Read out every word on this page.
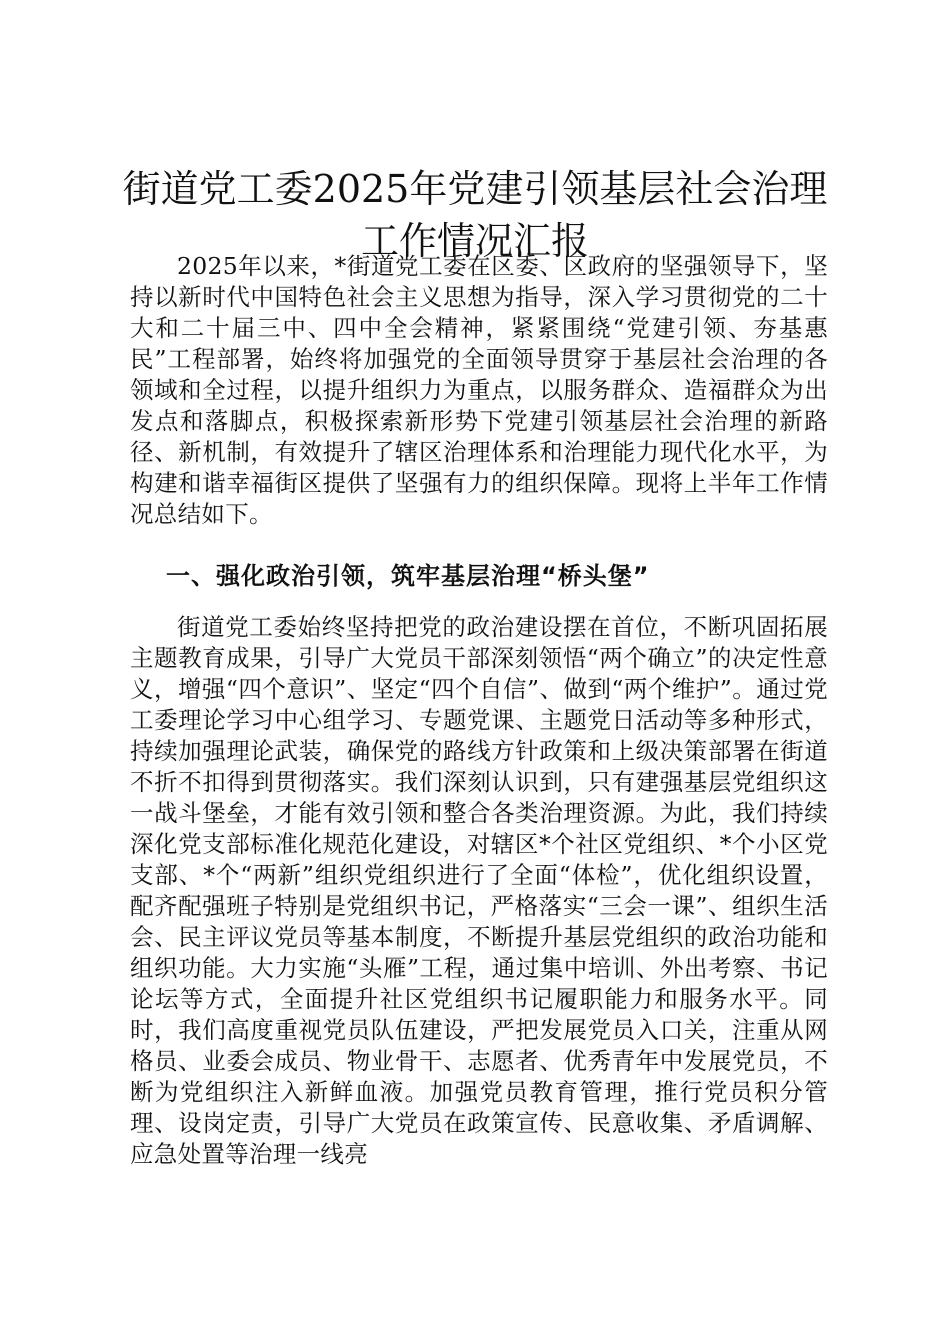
街道党工委2025年党建引领基层社会治理工作情况汇报

2025年以来，*街道党工委在区委、区政府的坚强领导下，坚持以新时代中国特色社会主义思想为指导，深入学习贯彻党的二十大和二十届三中、四中全会精神，紧紧围绕“党建引领、夯基惠民”工程部署，始终将加强党的全面领导贯穿于基层社会治理的各领域和全过程，以提升组织力为重点，以服务群众、造福群众为出发点和落脚点，积极探索新形势下党建引领基层社会治理的新路径、新机制，有效提升了辖区治理体系和治理能力现代化水平，为构建和谐幸福街区提供了坚强有力的组织保障。现将上半年工作情况总结如下。

一、强化政治引领，筑牢基层治理“桥头堡”

街道党工委始终坚持把党的政治建设摆在首位，不断巩固拓展主题教育成果，引导广大党员干部深刻领悟“两个确立”的决定性意义，增强“四个意识”、坚定“四个自信”、做到“两个维护”。通过党工委理论学习中心组学习、专题党课、主题党日活动等多种形式，持续加强理论武装，确保党的路线方针政策和上级决策部署在街道不折不扣得到贯彻落实。我们深刻认识到，只有建强基层党组织这一战斗堡垒，才能有效引领和整合各类治理资源。为此，我们持续深化党支部标准化规范化建设，对辖区*个社区党组织、*个小区党支部、*个“两新”组织党组织进行了全面“体检”，优化组织设置，配齐配强班子特别是党组织书记，严格落实“三会一课”、组织生活会、民主评议党员等基本制度，不断提升基层党组织的政治功能和组织功能。大力实施“头雁”工程，通过集中培训、外出考察、书记论坛等方式，全面提升社区党组织书记履职能力和服务水平。同时，我们高度重视党员队伍建设，严把发展党员入口关，注重从网格员、业委会成员、物业骨干、志愿者、优秀青年中发展党员，不断为党组织注入新鲜血液。加强党员教育管理，推行党员积分管理、设岗定责，引导广大党员在政策宣传、民意收集、矛盾调解、应急处置等治理一线亮
